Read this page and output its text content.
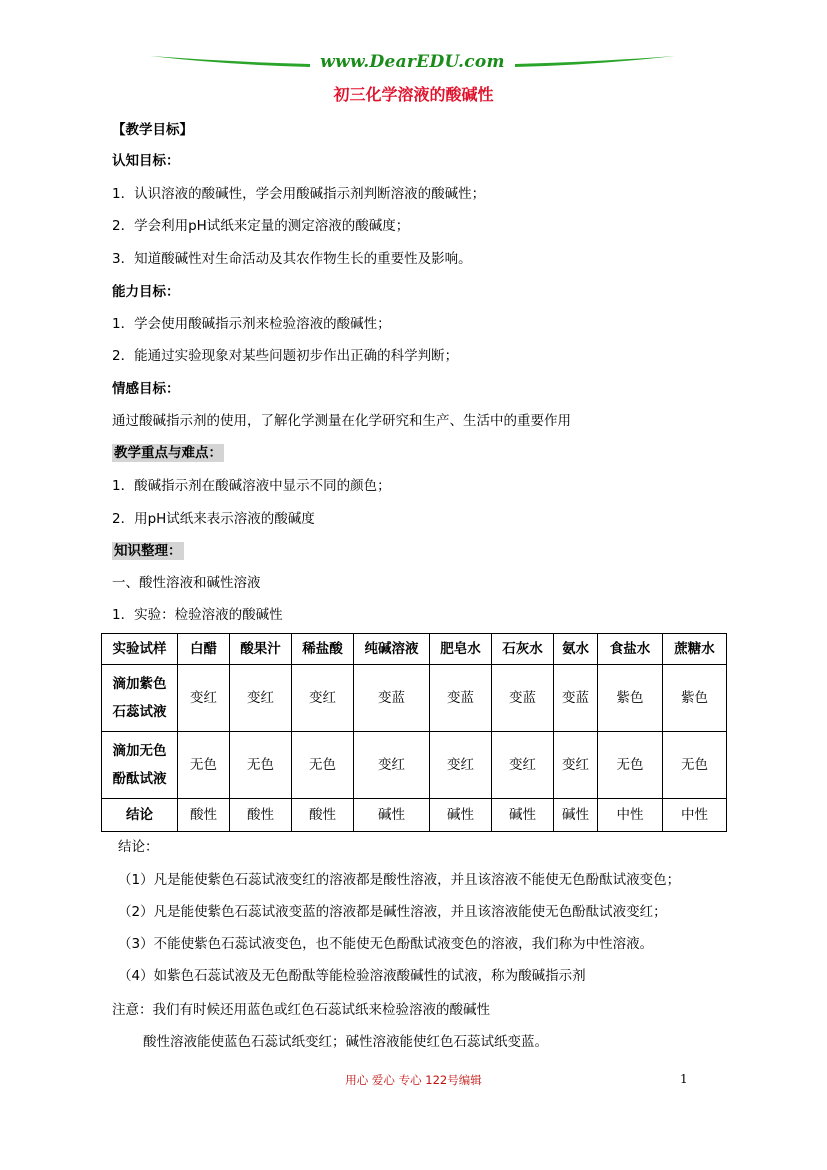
www.DearEDU.com
初三化学溶液的酸碱性
【教学目标】
认知目标：
1．认识溶液的酸碱性，学会用酸碱指示剂判断溶液的酸碱性；
2．学会利用pH试纸来定量的测定溶液的酸碱度；
3．知道酸碱性对生命活动及其农作物生长的重要性及影响。
能力目标：
1．学会使用酸碱指示剂来检验溶液的酸碱性；
2．能通过实验现象对某些问题初步作出正确的科学判断；
情感目标：
通过酸碱指示剂的使用，了解化学测量在化学研究和生产、生活中的重要作用
教学重点与难点：
1．酸碱指示剂在酸碱溶液中显示不同的颜色；
2．用pH试纸来表示溶液的酸碱度
知识整理：
一、酸性溶液和碱性溶液
1．实验：检验溶液的酸碱性
实验试样	白醋	酸果汁	稀盐酸	纯碱溶液	肥皂水	石灰水	氨水	食盐水	蔗糖水
滴加紫色
石蕊试液	变红	变红	变红	变蓝	变蓝	变蓝	变蓝	紫色	紫色
滴加无色
酚酞试液	无色	无色	无色	变红	变红	变红	变红	无色	无色
结论	酸性	酸性	酸性	碱性	碱性	碱性	碱性	中性	中性
结论：
（1）凡是能使紫色石蕊试液变红的溶液都是酸性溶液，并且该溶液不能使无色酚酞试液变色；
（2）凡是能使紫色石蕊试液变蓝的溶液都是碱性溶液，并且该溶液能使无色酚酞试液变红；
（3）不能使紫色石蕊试液变色，也不能使无色酚酞试液变色的溶液，我们称为中性溶液。
（4）如紫色石蕊试液及无色酚酞等能检验溶液酸碱性的试液，称为酸碱指示剂
注意：我们有时候还用蓝色或红色石蕊试纸来检验溶液的酸碱性
酸性溶液能使蓝色石蕊试纸变红；碱性溶液能使红色石蕊试纸变蓝。
用心 爱心 专心 122号编辑	1
